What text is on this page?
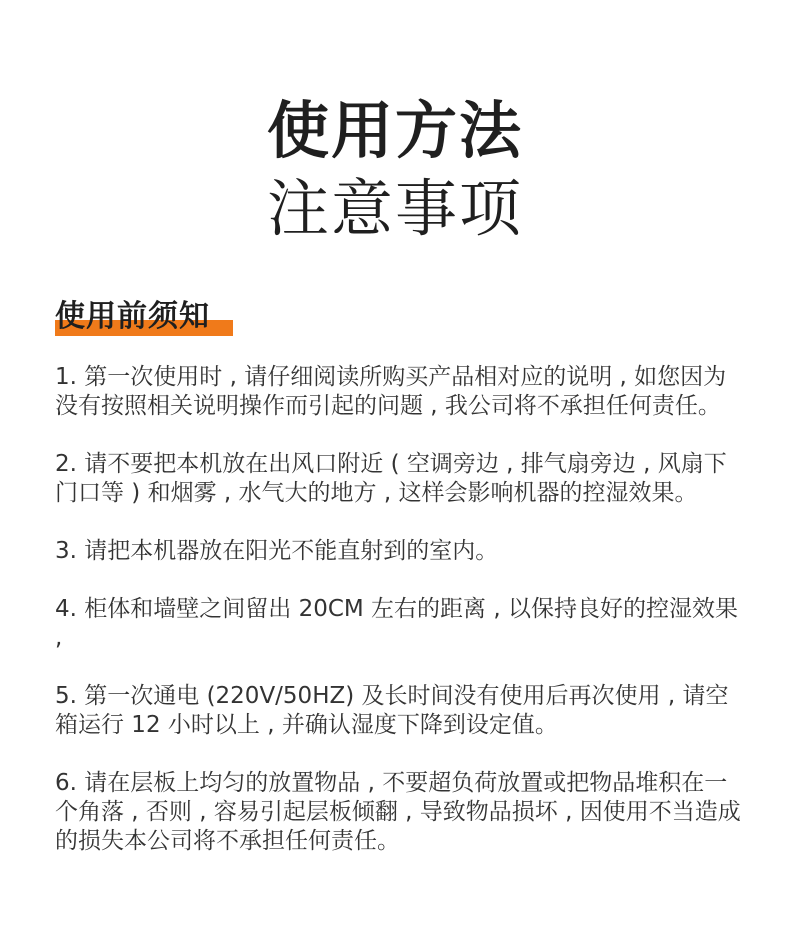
使用方法
注意事项
使用前须知

1. 第一次使用时 , 请仔细阅读所购买产品相对应的说明 , 如您因为没有按照相关说明操作而引起的问题 , 我公司将不承担任何责任。

2. 请不要把本机放在出风口附近 ( 空调旁边 , 排气扇旁边 , 风扇下门口等 ) 和烟雾 , 水气大的地方 , 这样会影响机器的控湿效果。

3. 请把本机器放在阳光不能直射到的室内。

4. 柜体和墙壁之间留出 20CM 左右的距离 , 以保持良好的控湿效果 ,

5. 第一次通电 (220V/50HZ) 及长时间没有使用后再次使用 , 请空箱运行 12 小时以上 , 并确认湿度下降到设定值。

6. 请在层板上均匀的放置物品 , 不要超负荷放置或把物品堆积在一个角落 , 否则 , 容易引起层板倾翻 , 导致物品损坏 , 因使用不当造成的损失本公司将不承担任何责任。
